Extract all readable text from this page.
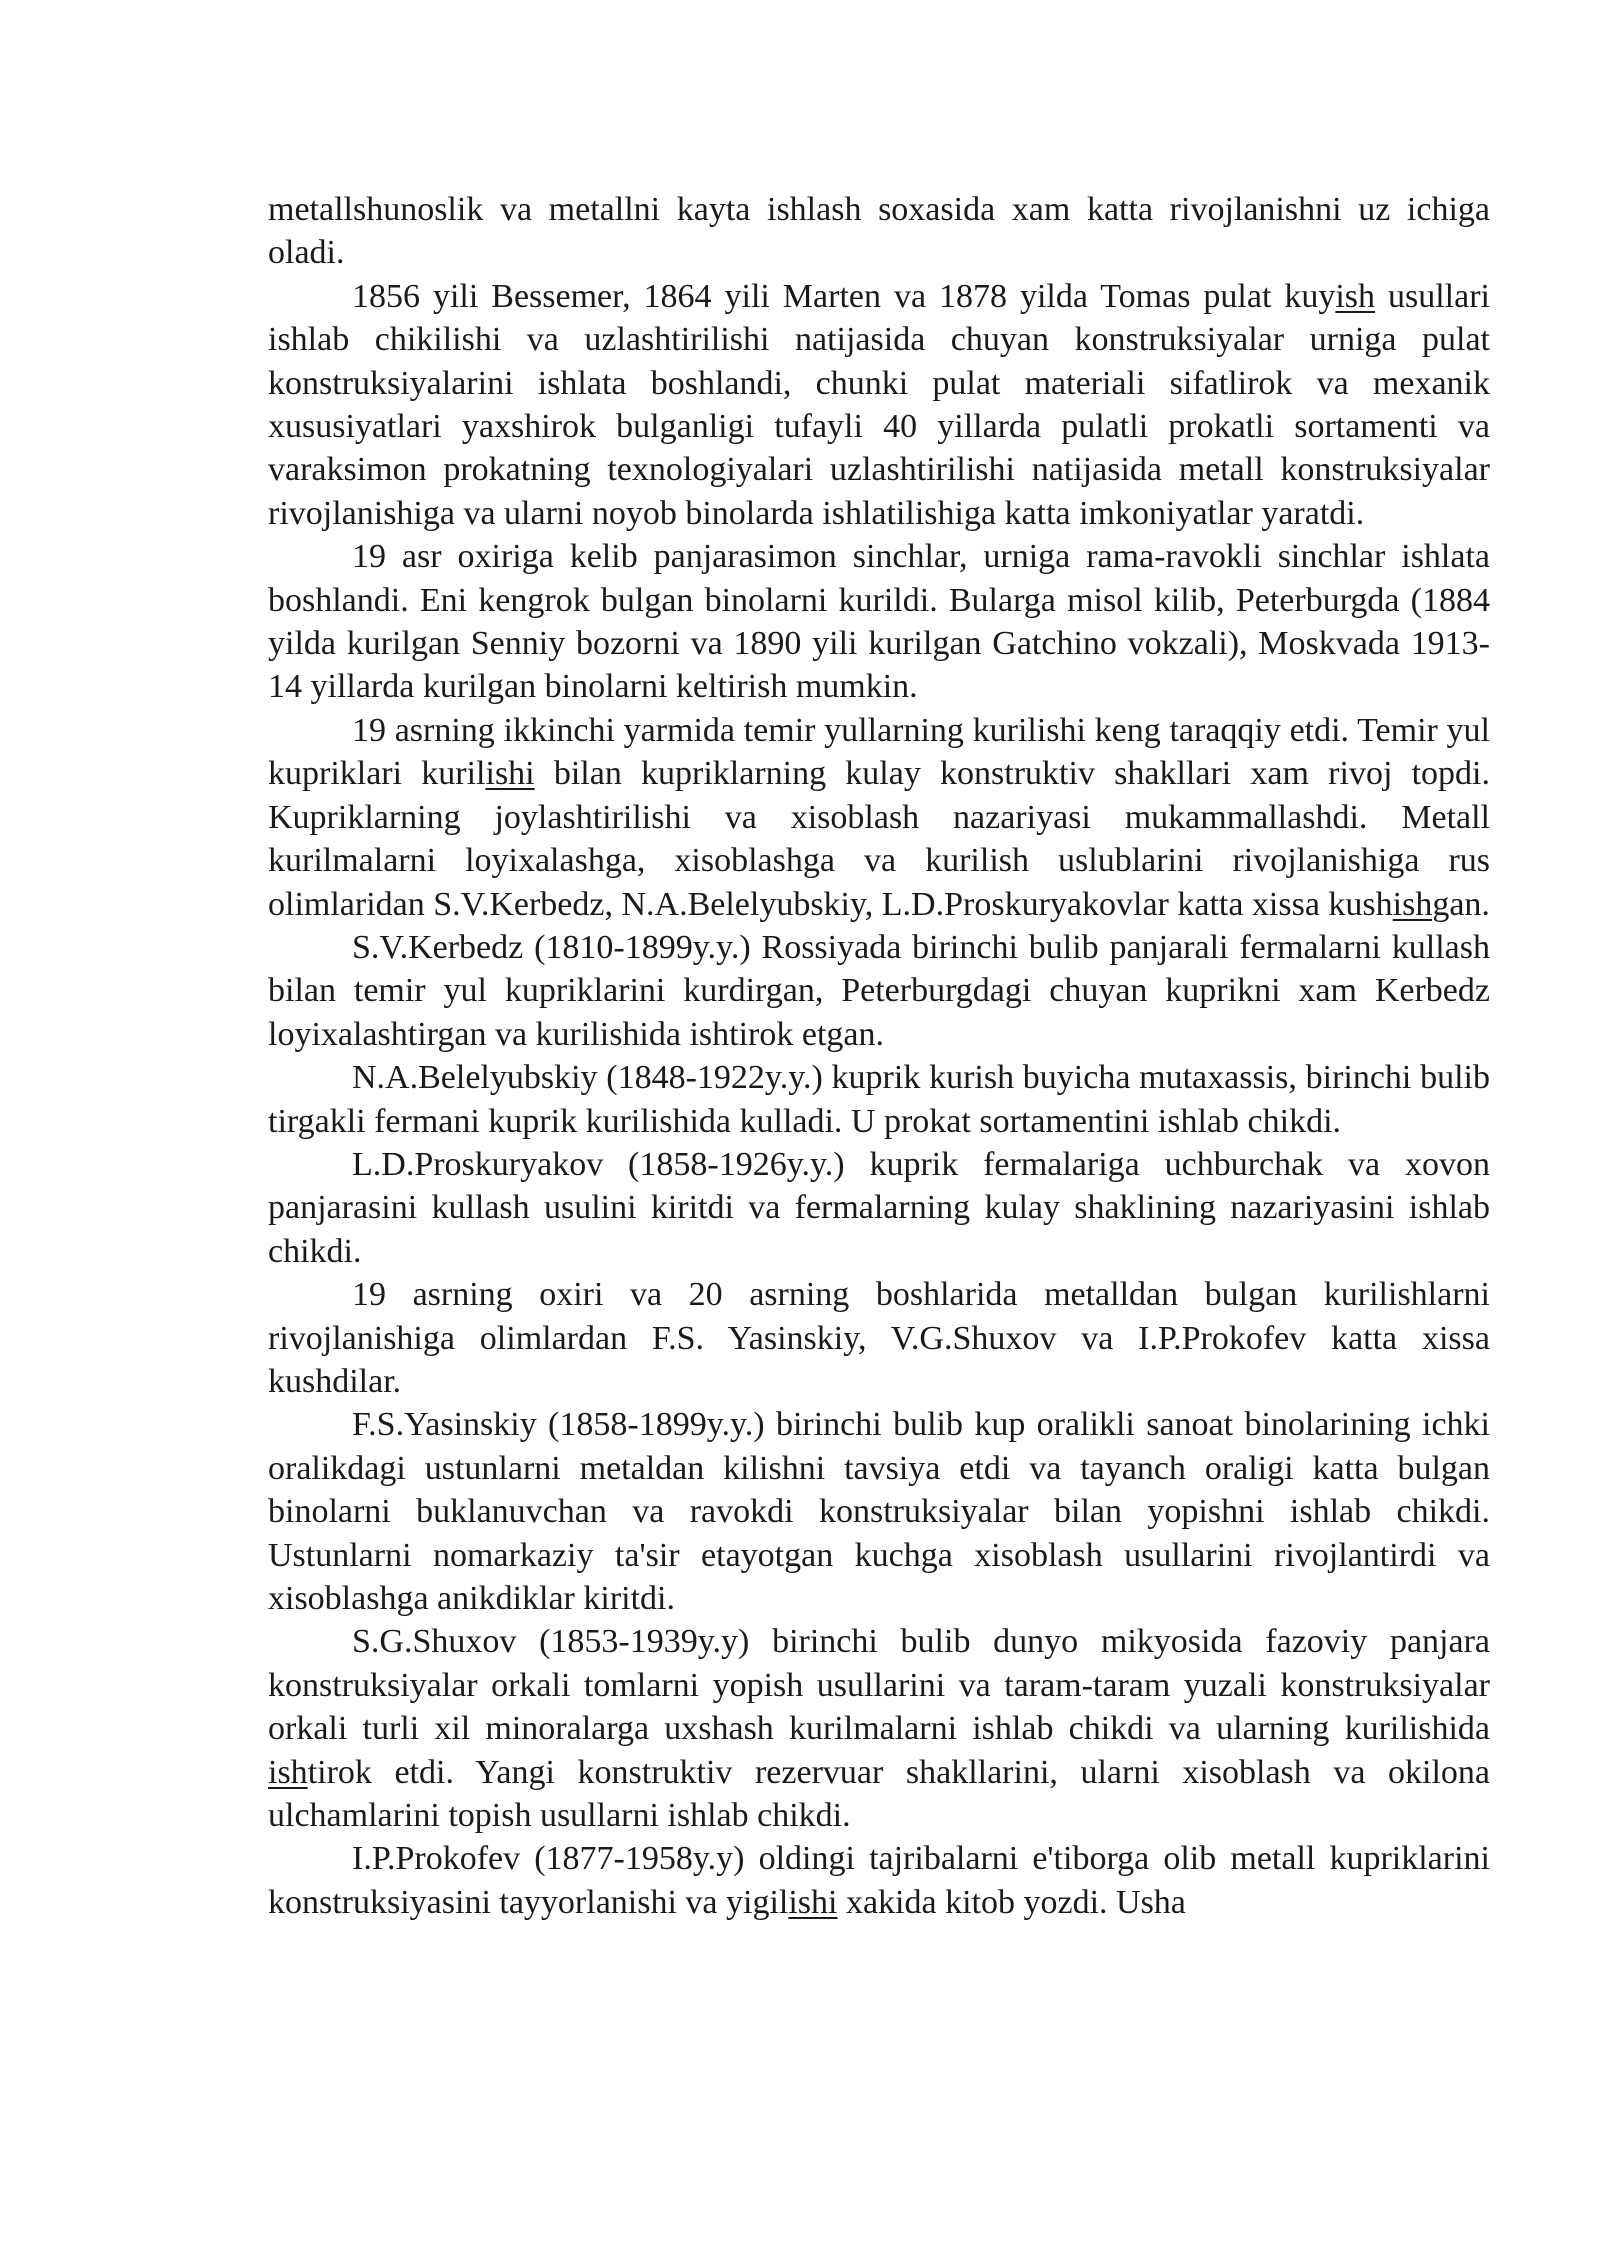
metallshunoslik va metallni kayta ishlash soxasida xam katta rivojlanishni uz ichiga oladi.

1856 yili Bessemer, 1864 yili Marten va 1878 yilda Tomas pulat kuyish usullari ishlab chikilishi va uzlashtirilishi natijasida chuyan konstruksiyalar urniga pulat konstruksiyalarini ishlata boshlandi, chunki pulat materiali sifatlirok va mexanik xususiyatlari yaxshirok bulganligi tufayli 40 yillarda pulatli prokatli sortamenti va varaksimon prokatning texnologiyalari uzlashtirilishi natijasida metall konstruksiyalar rivojlanishiga va ularni noyob binolarda ishlatilishiga katta imkoniyatlar yaratdi.

19 asr oxiriga kelib panjarasimon sinchlar, urniga rama-ravokli sinchlar ishlata boshlandi. Eni kengrok bulgan binolarni kurildi. Bularga misol kilib, Peterburgda (1884 yilda kurilgan Senniy bozorni va 1890 yili kurilgan Gatchino vokzali), Moskvada 1913-14 yillarda kurilgan binolarni keltirish mumkin.

19 asrning ikkinchi yarmida temir yullarning kurilishi keng taraqqiy etdi. Temir yul kupriklari kurilishi bilan kupriklarning kulay konstruktiv shakllari xam rivoj topdi. Kupriklarning joylashtirilishi va xisoblash nazariyasi mukammallashdi. Metall kurilmalarni loyixalashga, xisoblashga va kurilish uslublarini rivojlanishiga rus olimlaridan S.V.Kerbedz, N.A.Belelyubskiy, L.D.Proskuryakovlar katta xissa kushishgan.

S.V.Kerbedz (1810-1899y.y.) Rossiyada birinchi bulib panjarali fermalarni kullash bilan temir yul kupriklarini kurdirgan, Peterburgdagi chuyan kuprikni xam Kerbedz loyixalashtirgan va kurilishida ishtirok etgan.

N.A.Belelyubskiy (1848-1922y.y.) kuprik kurish buyicha mutaxassis, birinchi bulib tirgakli fermani kuprik kurilishida kulladi. U prokat sortamentini ishlab chikdi.

L.D.Proskuryakov (1858-1926y.y.) kuprik fermalariga uchburchak va xovon panjarasini kullash usulini kiritdi va fermalarning kulay shaklining nazariyasini ishlab chikdi.

19 asrning oxiri va 20 asrning boshlarida metalldan bulgan kurilishlarni rivojlanishiga olimlardan F.S. Yasinskiy, V.G.Shuxov va I.P.Prokofev katta xissa kushdilar.

F.S.Yasinskiy (1858-1899y.y.) birinchi bulib kup oralikli sanoat binolarining ichki oralikdagi ustunlarni metaldan kilishni tavsiya etdi va tayanch oraligi katta bulgan binolarni buklanuvchan va ravokdi konstruksiyalar bilan yopishni ishlab chikdi. Ustunlarni nomarkaziy ta'sir etayotgan kuchga xisoblash usullarini rivojlantirdi va xisoblashga anikdiklar kiritdi.

S.G.Shuxov (1853-1939y.y) birinchi bulib dunyo mikyosida fazoviy panjara konstruksiyalar orkali tomlarni yopish usullarini va taram-taram yuzali konstruksiyalar orkali turli xil minoralarga uxshash kurilmalarni ishlab chikdi va ularning kurilishida ishtirok etdi. Yangi konstruktiv rezervuar shakllarini, ularni xisoblash va okilona ulchamlarini topish usullarni ishlab chikdi.

I.P.Prokofev (1877-1958y.y) oldingi tajribalarni e'tiborga olib metall kupriklarini konstruksiyasini tayyorlanishi va yigilishi xakida kitob yozdi. Usha
